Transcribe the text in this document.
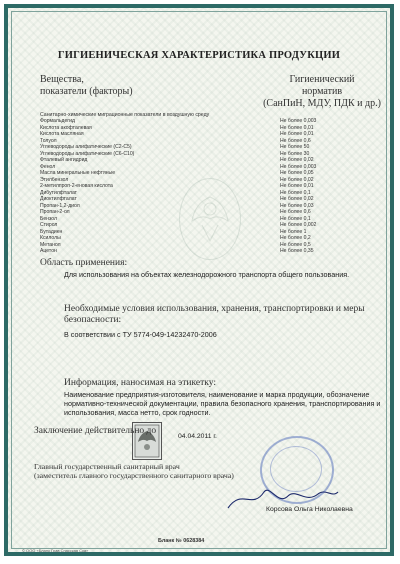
ГИГИЕНИЧЕСКАЯ ХАРАКТЕРИСТИКА ПРОДУКЦИИ
Вещества,
показатели (факторы)
Гигиенический
норматив
(СанПиН, МДУ, ПДК и др.)
Санитарно-химические миграционные показатели в воздушную среду
Формальдегид	Не более 0,003
Кислота акофталевая	Не более 0,01
Кислота масляная	Не более 0,01
Толуол	Не более 0,6
Углеводороды алифатические (С2-С5)	Не более 50
Углеводороды алифатические (С6-С10)	Не более 30
Фталевый ангидрид	Не более 0,02
Фенол	Не более 0,003
Масла минеральные нефтяные	Не более 0,05
Этилбензол	Не более 0,02
2-метилпроп-2-еновая кислота	Не более 0,01
Дибутилфталат	Не более 0,1
Диоктилфталат	Не более 0,02
Пропан-1,2-диол	Не более 0,03
Пропан-2-ол	Не более 0,6
Бензол	Не более 0,1
Стирол	Не более 0,002
Бутадиен	Не более 1
Ксилолы	Не более 0,2
Метанол	Не более 0,5
Ацетон	Не более 0,35
Область применения:
Для использования на объектах железнодорожного транспорта общего пользования.
Необходимые условия использования, хранения, транспортировки и меры
безопасности:
В соответствии с ТУ 5774-049-14232470-2006
Информация, наносимая на этикетку:
Наименование предприятия-изготовителя, наименование и марка продукции, обозначение нормативно-технической документации, правила безопасного хранения, транспортирования и использования, масса нетто, срок годности.
Заключение действительно до
04.04.2011 г.
Главный государственный санитарный врач
(заместитель главного государственного санитарного врача)
Корсова Ольга Николаевна
Бланк № 0628384
© ООО «Бланк Грав Спасская Ска»
